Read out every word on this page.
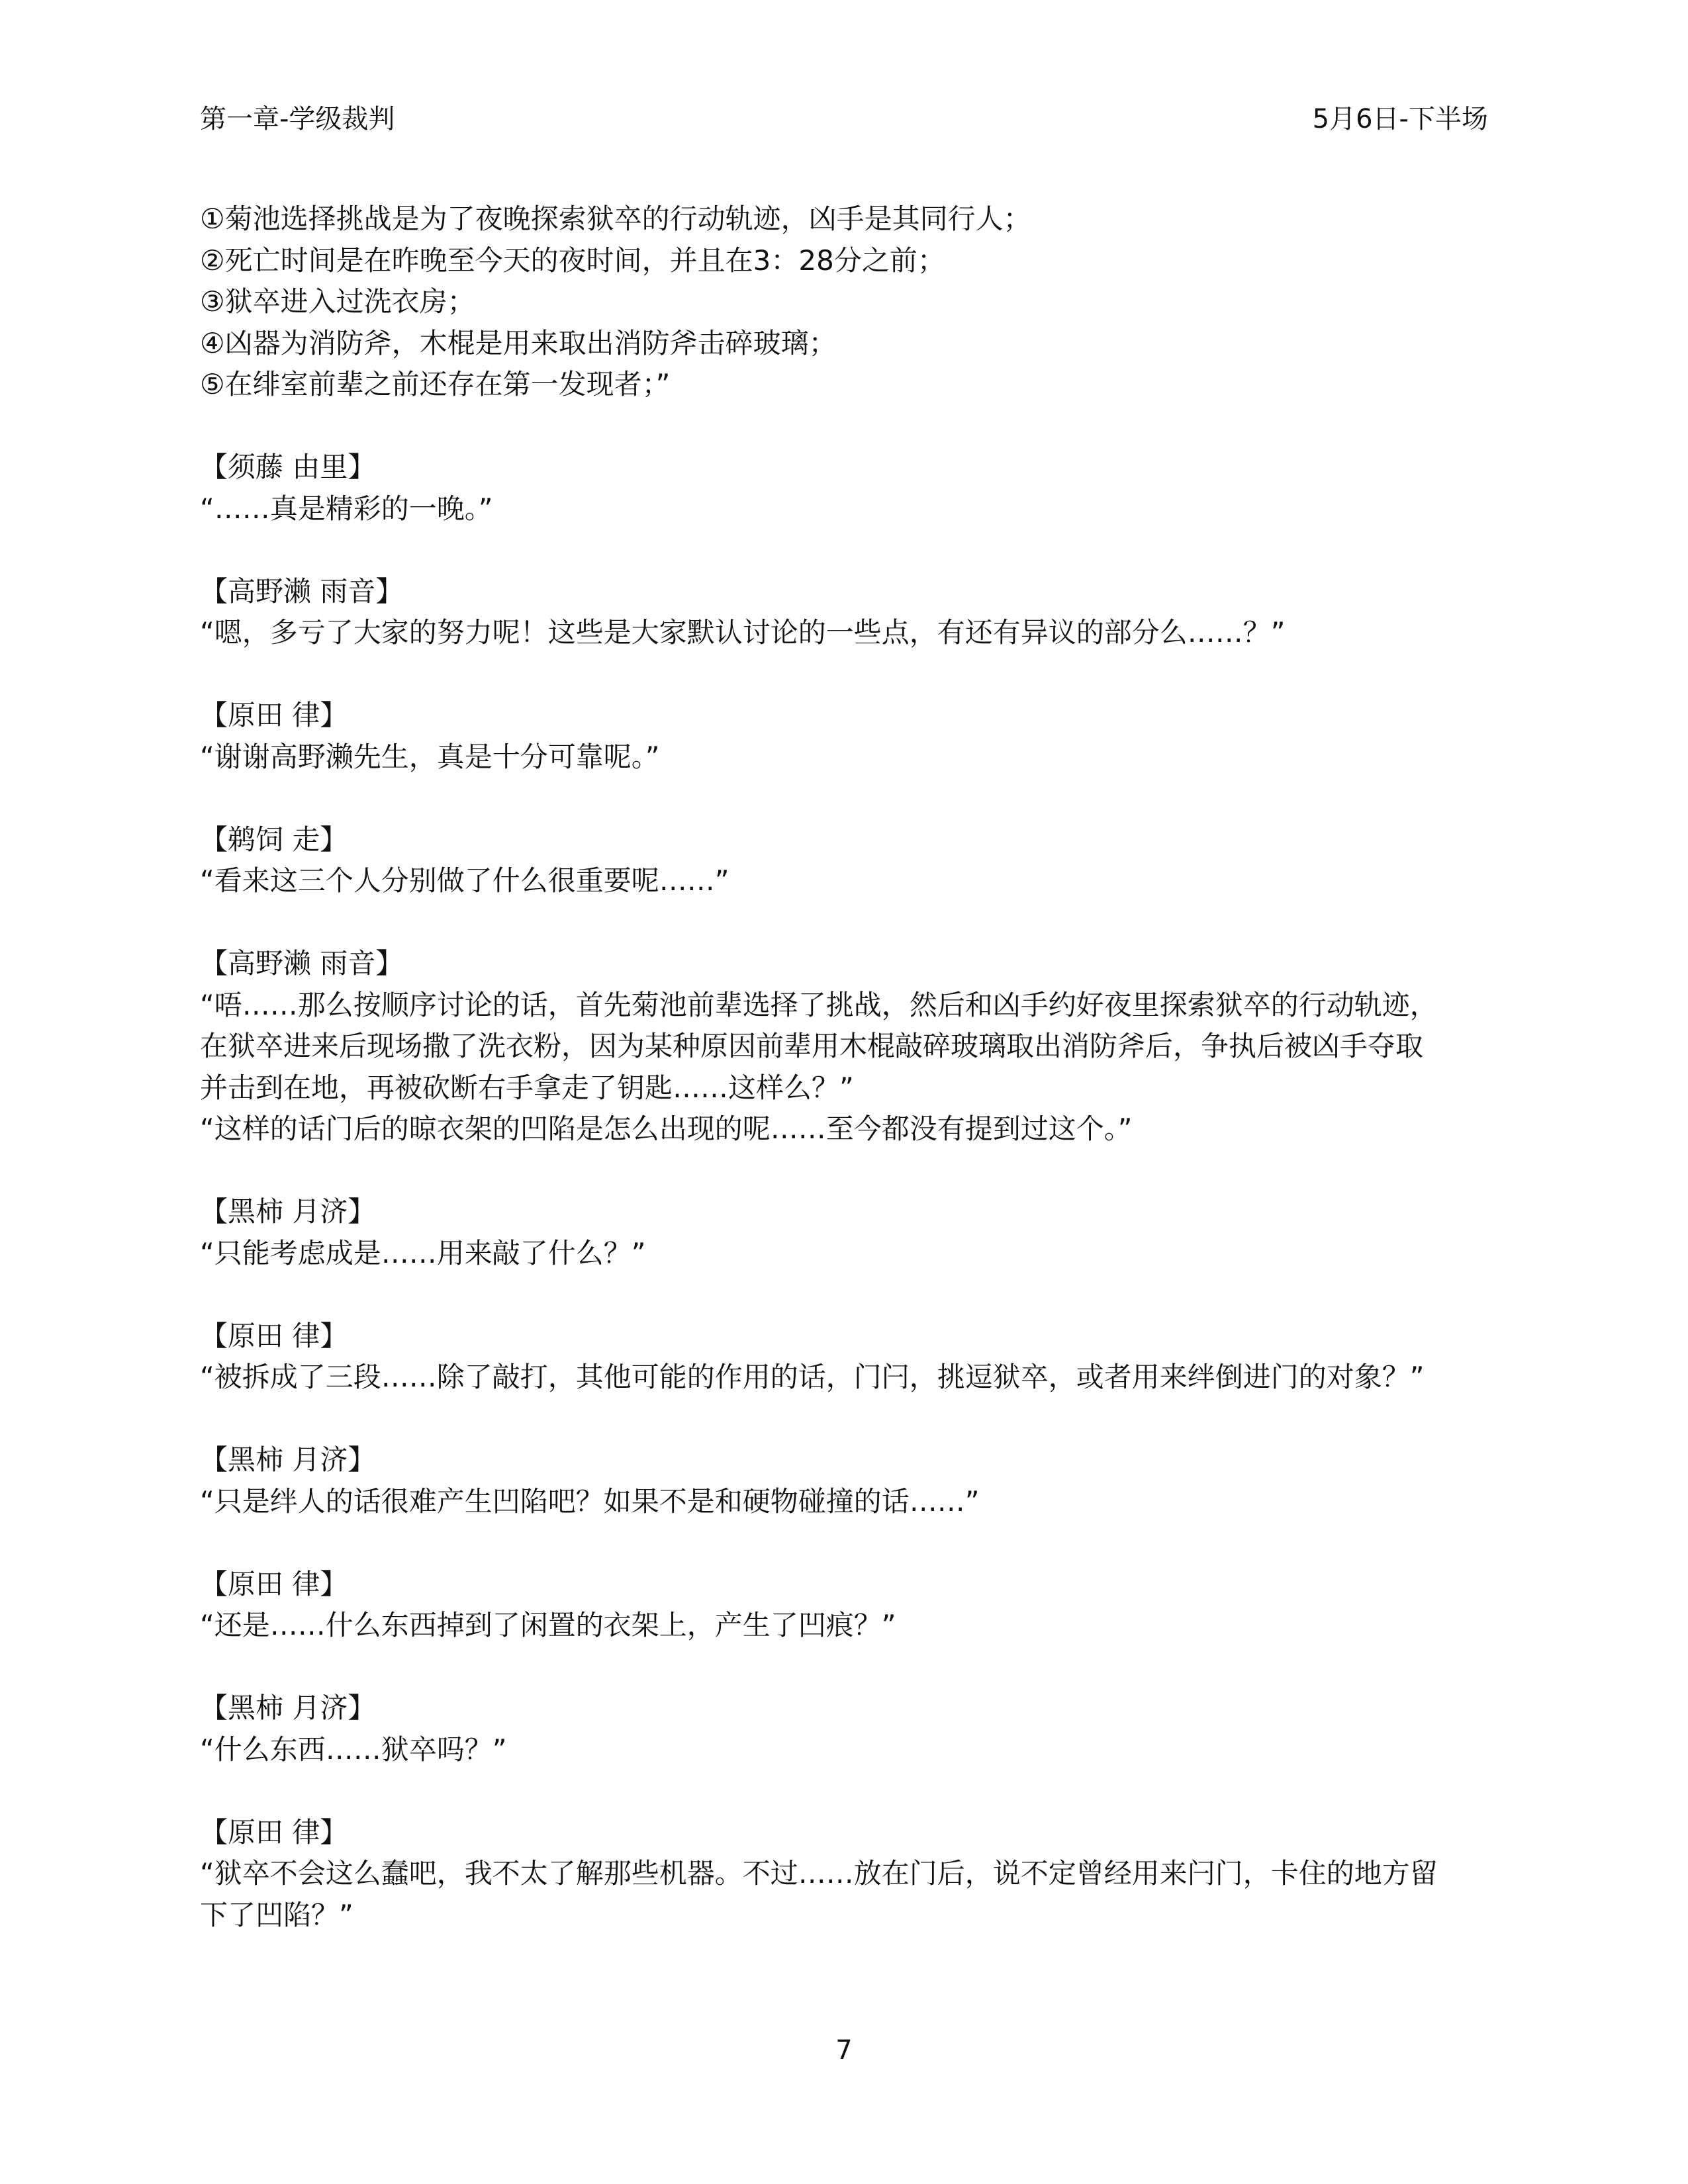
第一章-学级裁判	5月6日-下半场
①菊池选择挑战是为了夜晚探索狱卒的行动轨迹，凶手是其同行人；
②死亡时间是在昨晚至今天的夜时间，并且在3：28分之前；
③狱卒进入过洗衣房；
④凶器为消防斧，木棍是用来取出消防斧击碎玻璃；
⑤在绯室前辈之前还存在第一发现者；”
【须藤 由里】
“……真是精彩的一晚。”
【高野濑 雨音】
“嗯，多亏了大家的努力呢！这些是大家默认讨论的一些点，有还有异议的部分么……？”
【原田 律】
“谢谢高野濑先生，真是十分可靠呢。”
【鹈饲 走】
“看来这三个人分别做了什么很重要呢……”
【高野濑 雨音】
“唔……那么按顺序讨论的话，首先菊池前辈选择了挑战，然后和凶手约好夜里探索狱卒的行动轨迹，
在狱卒进来后现场撒了洗衣粉，因为某种原因前辈用木棍敲碎玻璃取出消防斧后，争执后被凶手夺取
并击到在地，再被砍断右手拿走了钥匙……这样么？”
“这样的话门后的晾衣架的凹陷是怎么出现的呢……至今都没有提到过这个。”
【黑柿 月济】
“只能考虑成是……用来敲了什么？”
【原田 律】
“被拆成了三段……除了敲打，其他可能的作用的话，门闩，挑逗狱卒，或者用来绊倒进门的对象？”
【黑柿 月济】
“只是绊人的话很难产生凹陷吧？如果不是和硬物碰撞的话……”
【原田 律】
“还是……什么东西掉到了闲置的衣架上，产生了凹痕？”
【黑柿 月济】
“什么东西……狱卒吗？”
【原田 律】
“狱卒不会这么蠢吧，我不太了解那些机器。不过……放在门后，说不定曾经用来闩门，卡住的地方留
下了凹陷？”
7
